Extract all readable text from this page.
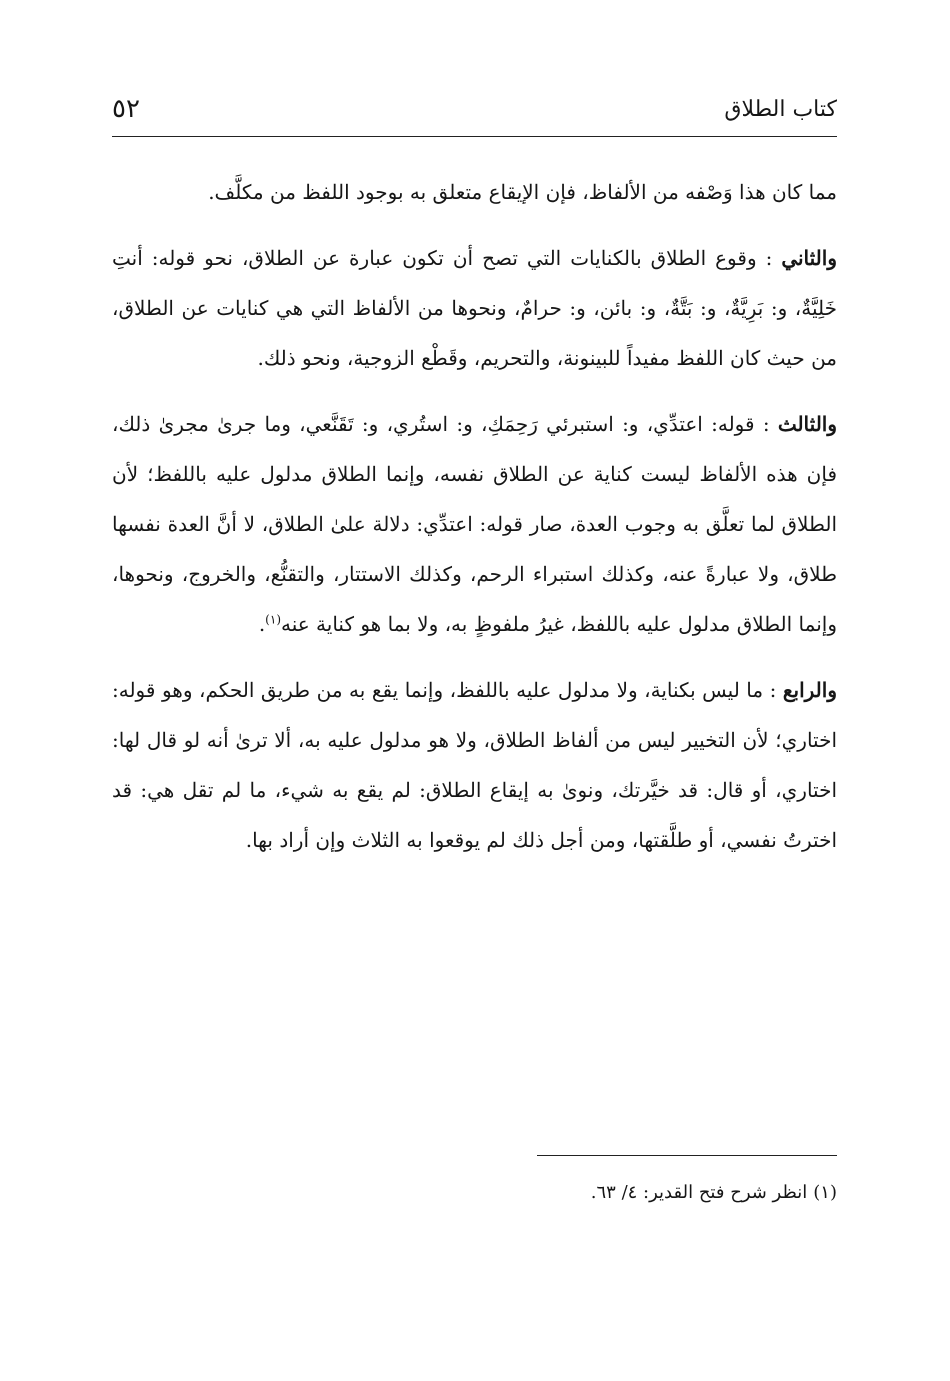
كتاب الطلاق
٥٢

مما كان هذا وَصْفه من الألفاظ، فإن الإيقاع متعلق به بوجود اللفظ من مكلَّف.

والثاني : وقوع الطلاق بالكنايات التي تصح أن تكون عبارة عن الطلاق، نحو قوله: أنتِ خَلِيَّةٌ، و: بَرِيَّةٌ، و: بَتَّةٌ، و: بائن، و: حرامٌ، ونحوها من الألفاظ التي هي كنايات عن الطلاق، من حيث كان اللفظ مفيداً للبينونة، والتحريم، وقَطْع الزوجية، ونحو ذلك.

والثالث : قوله: اعتدِّي، و: استبرئي رَحِمَكِ، و: استُري، و: تَقَنَّعي، وما جرىٰ مجرىٰ ذلك، فإن هذه الألفاظ ليست كناية عن الطلاق نفسه، وإنما الطلاق مدلول عليه باللفظ؛ لأن الطلاق لما تعلَّق به وجوب العدة، صار قوله: اعتدِّي: دلالة علىٰ الطلاق، لا أنَّ العدة نفسها طلاق، ولا عبارةً عنه، وكذلك استبراء الرحم، وكذلك الاستتار، والتقنُّع، والخروج، ونحوها، وإنما الطلاق مدلول عليه باللفظ، غيرُ ملفوظٍ به، ولا بما هو كناية عنه$^{(١)}$.

والرابع : ما ليس بكناية، ولا مدلول عليه باللفظ، وإنما يقع به من طريق الحكم، وهو قوله: اختاري؛ لأن التخيير ليس من ألفاظ الطلاق، ولا هو مدلول عليه به، ألا ترىٰ أنه لو قال لها: اختاري، أو قال: قد خيَّرتك، ونوىٰ به إيقاع الطلاق: لم يقع به شيء، ما لم تقل هي: قد اخترتُ نفسي، أو طلَّقتها، ومن أجل ذلك لم يوقعوا به الثلاث وإن أراد بها.

(١)انظر شرح فتح القدير: ٤/ ٦٣.
